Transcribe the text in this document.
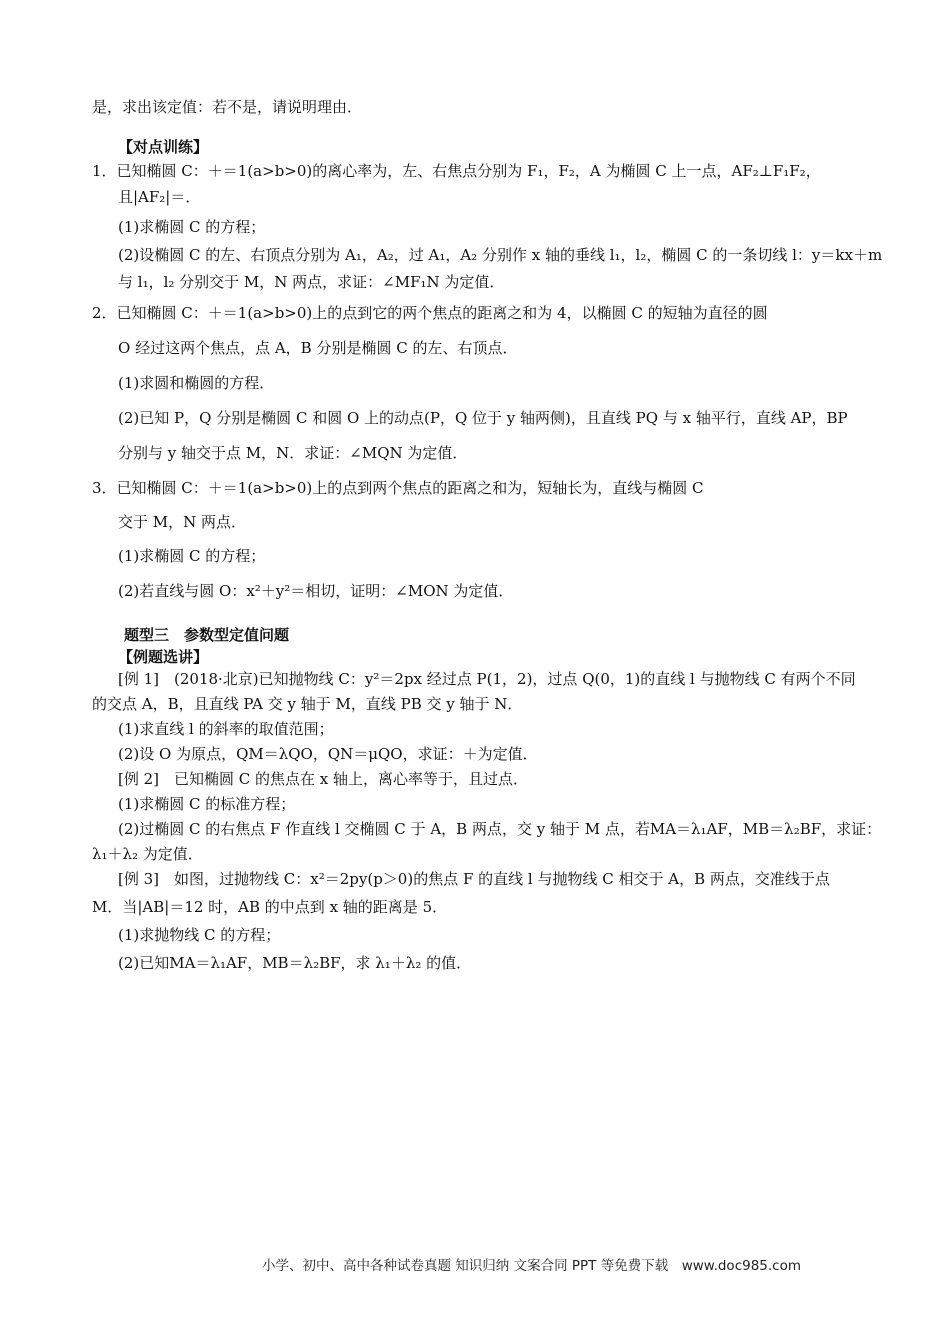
是，求出该定值：若不是，请说明理由．
【对点训练】
1．已知椭圆 C：＋＝1(a>b>0)的离心率为，左、右焦点分别为 F₁，F₂，A 为椭圆 C 上一点，AF₂⊥F₁F₂，
且|AF₂|＝．
(1)求椭圆 C 的方程；
(2)设椭圆 C 的左、右顶点分别为 A₁，A₂，过 A₁，A₂ 分别作 x 轴的垂线 l₁，l₂，椭圆 C 的一条切线 l：y＝kx＋m
与 l₁，l₂ 分别交于 M，N 两点，求证：∠MF₁N 为定值．
2．已知椭圆 C：＋＝1(a>b>0)上的点到它的两个焦点的距离之和为 4，以椭圆 C 的短轴为直径的圆
O 经过这两个焦点，点 A，B 分别是椭圆 C 的左、右顶点．
(1)求圆和椭圆的方程．
(2)已知 P，Q 分别是椭圆 C 和圆 O 上的动点(P，Q 位于 y 轴两侧)，且直线 PQ 与 x 轴平行，直线 AP，BP
分别与 y 轴交于点 M，N．求证：∠MQN 为定值．
3．已知椭圆 C：＋＝1(a>b>0)上的点到两个焦点的距离之和为，短轴长为，直线与椭圆 C
交于 M，N 两点．
(1)求椭圆 C 的方程；
(2)若直线与圆 O：x²＋y²＝相切，证明：∠MON 为定值．
题型三　参数型定值问题
【例题选讲】
[例 1]　(2018·北京)已知抛物线 C：y²＝2px 经过点 P(1，2)，过点 Q(0，1)的直线 l 与抛物线 C 有两个不同
的交点 A，B，且直线 PA 交 y 轴于 M，直线 PB 交 y 轴于 N．
(1)求直线 l 的斜率的取值范围；
(2)设 O 为原点，QM＝λQO，QN＝μQO，求证：＋为定值．
[例 2]　已知椭圆 C 的焦点在 x 轴上，离心率等于，且过点．
(1)求椭圆 C 的标准方程；
(2)过椭圆 C 的右焦点 F 作直线 l 交椭圆 C 于 A，B 两点，交 y 轴于 M 点，若MA＝λ₁AF，MB＝λ₂BF，求证：
λ₁＋λ₂ 为定值．
[例 3]　如图，过抛物线 C：x²＝2py(p＞0)的焦点 F 的直线 l 与抛物线 C 相交于 A，B 两点，交准线于点
M．当|AB|＝12 时，AB 的中点到 x 轴的距离是 5．
(1)求抛物线 C 的方程；
(2)已知MA＝λ₁AF，MB＝λ₂BF，求 λ₁＋λ₂ 的值．
小学、初中、高中各种试卷真题 知识归纳 文案合同 PPT 等免费下载　www.doc985.com
